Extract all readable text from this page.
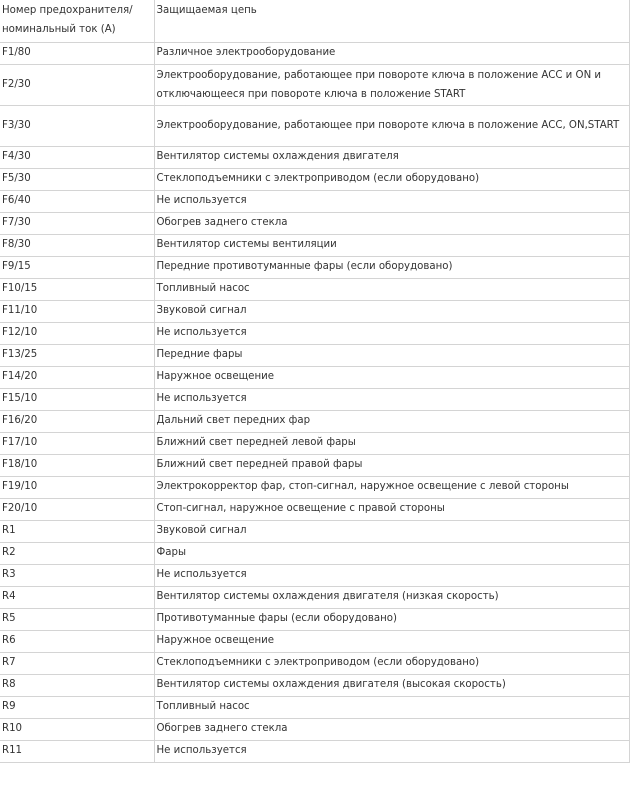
Номер предохранителя/ номинальный ток (А)	Защищаемая цепь
F1/80	Различное электрооборудование
F2/30	Электрооборудование, работающее при повороте ключа в положение ACC и ON и отключающееся при повороте ключа в положение START
F3/30	Электрооборудование, работающее при повороте ключа в положение ACC, ON,START
F4/30	Вентилятор системы охлаждения двигателя
F5/30	Стеклоподъемники с электроприводом (если оборудовано)
F6/40	Не используется
F7/30	Обогрев заднего стекла
F8/30	Вентилятор системы вентиляции
F9/15	Передние противотуманные фары (если оборудовано)
F10/15	Топливный насос
F11/10	Звуковой сигнал
F12/10	Не используется
F13/25	Передние фары
F14/20	Наружное освещение
F15/10	Не используется
F16/20	Дальний свет передних фар
F17/10	Ближний свет передней левой фары
F18/10	Ближний свет передней правой фары
F19/10	Электрокорректор фар, стоп-сигнал, наружное освещение с левой стороны
F20/10	Стоп-сигнал, наружное освещение с правой стороны
R1	Звуковой сигнал
R2	Фары
R3	Не используется
R4	Вентилятор системы охлаждения двигателя (низкая скорость)
R5	Противотуманные фары (если оборудовано)
R6	Наружное освещение
R7	Стеклоподъемники с электроприводом (если оборудовано)
R8	Вентилятор системы охлаждения двигателя (высокая скорость)
R9	Топливный насос
R10	Обогрев заднего стекла
R11	Не используется
